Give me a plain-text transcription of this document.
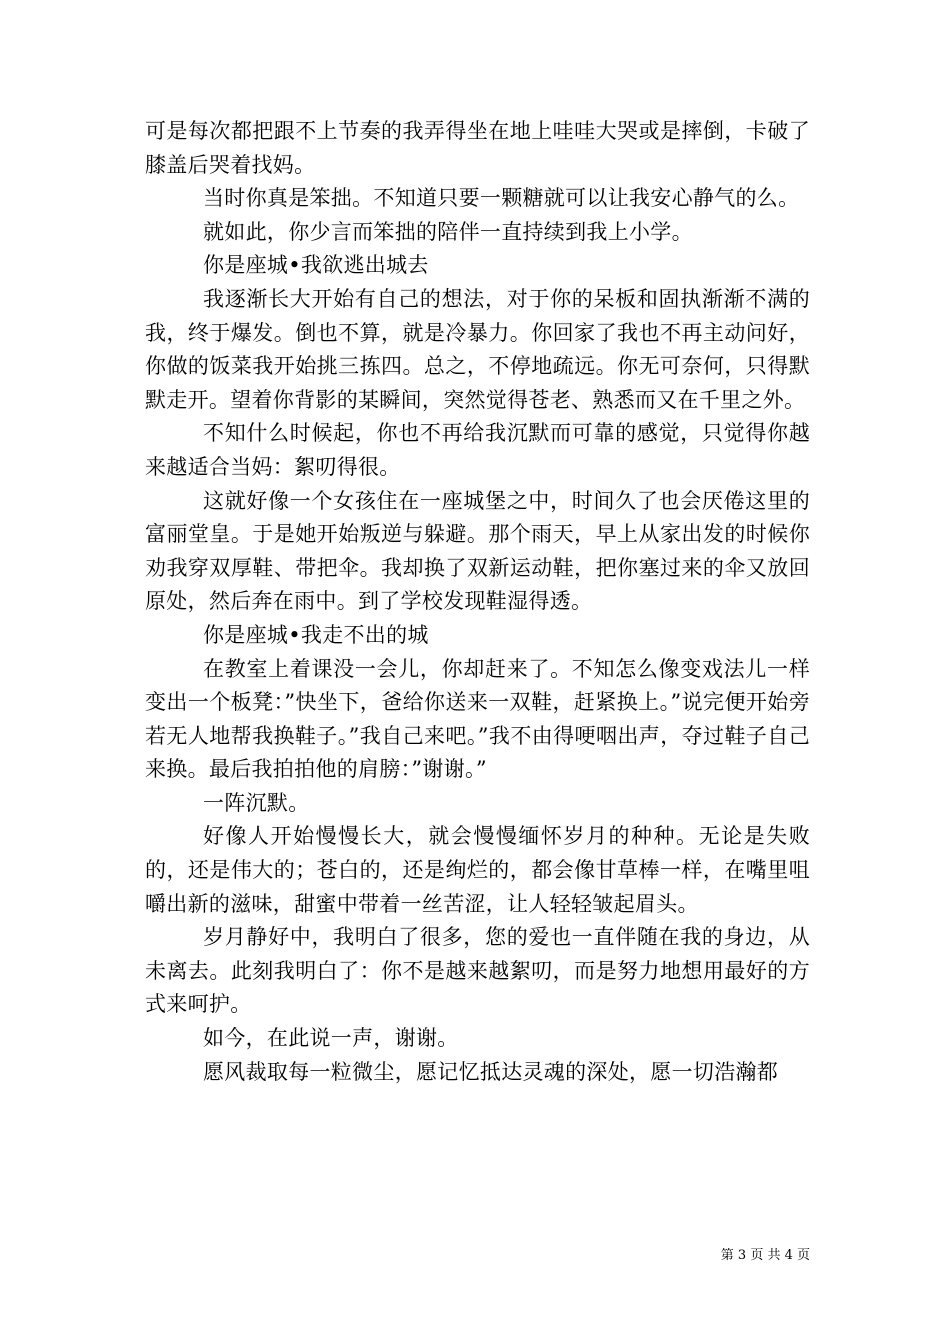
可是每次都把跟不上节奏的我弄得坐在地上哇哇大哭或是摔倒，卡破了膝盖后哭着找妈。

当时你真是笨拙。不知道只要一颗糖就可以让我安心静气的么。

就如此，你少言而笨拙的陪伴一直持续到我上小学。

你是座城•我欲逃出城去

我逐渐长大开始有自己的想法，对于你的呆板和固执渐渐不满的我，终于爆发。倒也不算，就是冷暴力。你回家了我也不再主动问好，你做的饭菜我开始挑三拣四。总之，不停地疏远。你无可奈何，只得默默走开。望着你背影的某瞬间，突然觉得苍老、熟悉而又在千里之外。

不知什么时候起，你也不再给我沉默而可靠的感觉，只觉得你越来越适合当妈：絮叨得很。

这就好像一个女孩住在一座城堡之中，时间久了也会厌倦这里的富丽堂皇。于是她开始叛逆与躲避。那个雨天，早上从家出发的时候你劝我穿双厚鞋、带把伞。我却换了双新运动鞋，把你塞过来的伞又放回原处，然后奔在雨中。到了学校发现鞋湿得透。

你是座城•我走不出的城

在教室上着课没一会儿，你却赶来了。不知怎么像变戏法儿一样变出一个板凳：”快坐下，爸给你送来一双鞋，赶紧换上。”说完便开始旁若无人地帮我换鞋子。”我自己来吧。”我不由得哽咽出声，夺过鞋子自己来换。最后我拍拍他的肩膀：”谢谢。”

一阵沉默。

好像人开始慢慢长大，就会慢慢缅怀岁月的种种。无论是失败的，还是伟大的；苍白的，还是绚烂的，都会像甘草棒一样，在嘴里咀嚼出新的滋味，甜蜜中带着一丝苦涩，让人轻轻皱起眉头。

岁月静好中，我明白了很多，您的爱也一直伴随在我的身边，从未离去。此刻我明白了：你不是越来越絮叨，而是努力地想用最好的方式来呵护。

如今，在此说一声，谢谢。

愿风裁取每一粒微尘，愿记忆抵达灵魂的深处，愿一切浩瀚都

第 3 页 共 4 页
